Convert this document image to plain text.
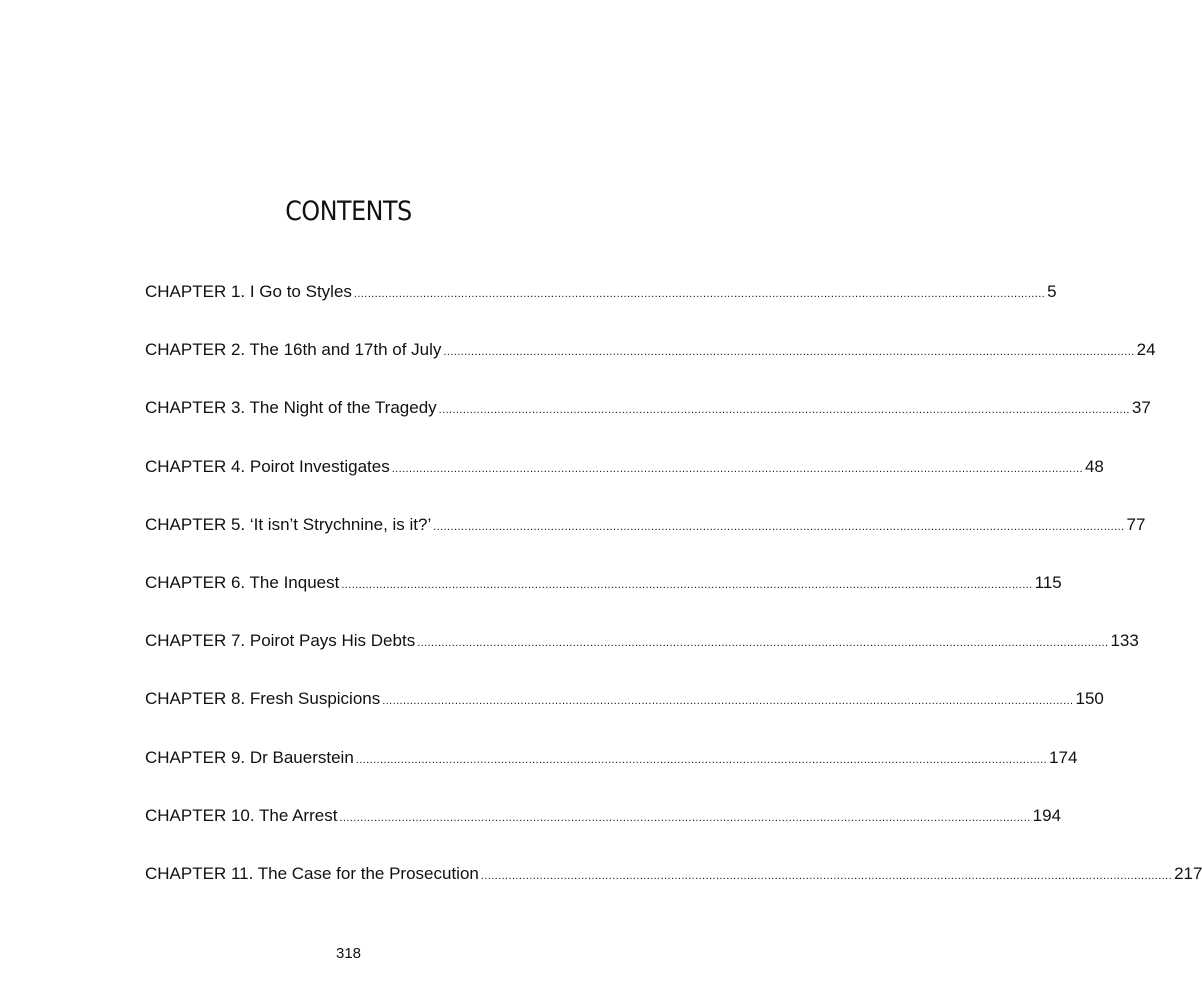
CONTENTS
CHAPTER 1. I Go to Styles ........................................................................................................................................................................................................ 5
CHAPTER 2. The 16th and 17th of July ........................................................................................................................................................................................................ 24
CHAPTER 3. The Night of the Tragedy ........................................................................................................................................................................................................ 37
CHAPTER 4. Poirot Investigates ........................................................................................................................................................................................................ 48
CHAPTER 5. ‘It isn’t Strychnine, is it?’ ........................................................................................................................................................................................................ 77
CHAPTER 6. The Inquest ........................................................................................................................................................................................................ 115
CHAPTER 7. Poirot Pays His Debts ........................................................................................................................................................................................................ 133
CHAPTER 8. Fresh Suspicions ........................................................................................................................................................................................................ 150
CHAPTER 9. Dr Bauerstein ........................................................................................................................................................................................................ 174
CHAPTER 10. The Arrest ........................................................................................................................................................................................................ 194
CHAPTER 11. The Case for the Prosecution ........................................................................................................................................................................................................ 217
318
